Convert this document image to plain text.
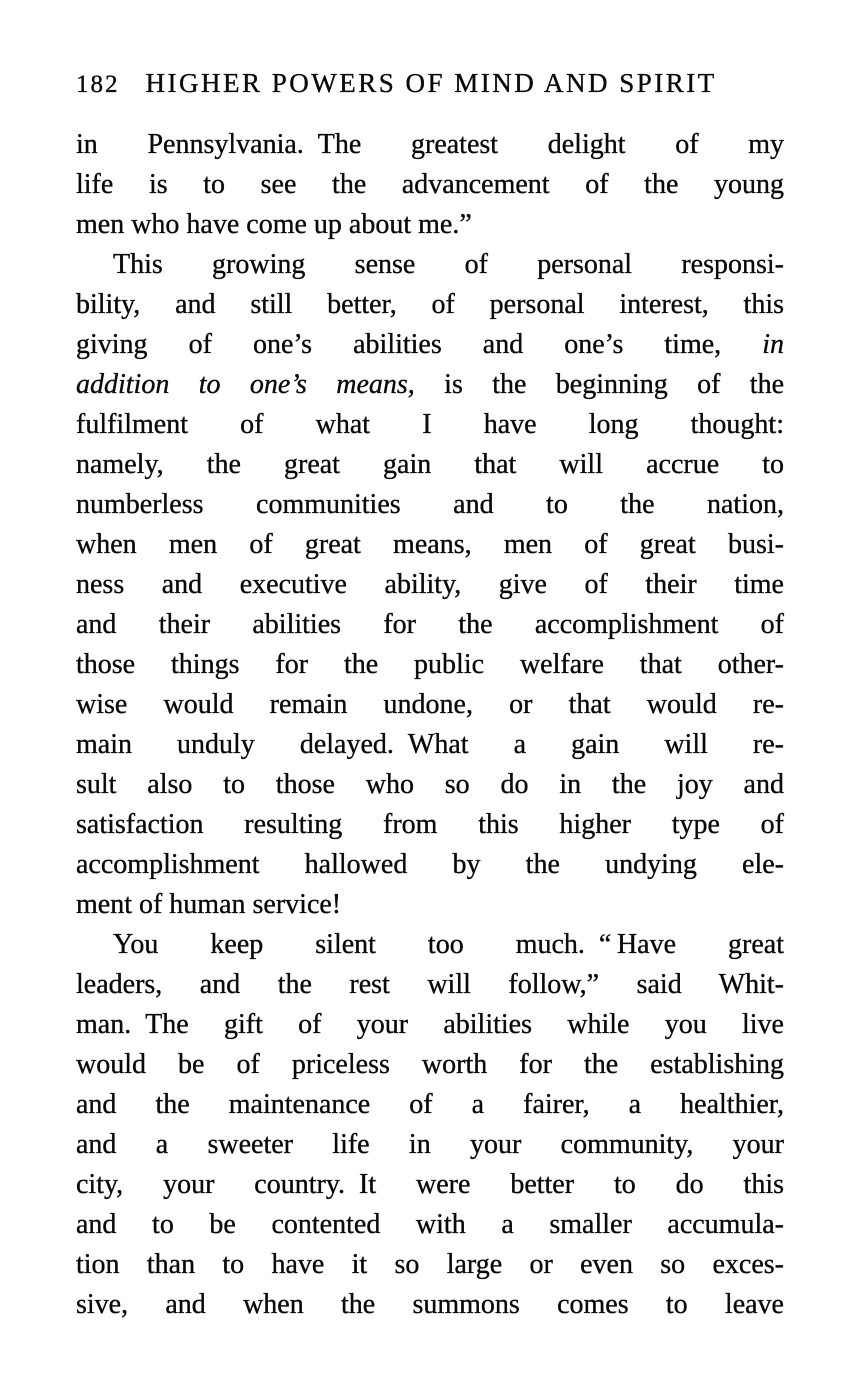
182 HIGHER POWERS OF MIND AND SPIRIT
in Pennsylvania. The greatest delight of my
life is to see the advancement of the young
men who have come up about me.”
This growing sense of personal responsi-
bility, and still better, of personal interest, this
giving of one’s abilities and one’s time, in
addition to one’s means, is the beginning of the
fulfilment of what I have long thought:
namely, the great gain that will accrue to
numberless communities and to the nation,
when men of great means, men of great busi-
ness and executive ability, give of their time
and their abilities for the accomplishment of
those things for the public welfare that other-
wise would remain undone, or that would re-
main unduly delayed. What a gain will re-
sult also to those who so do in the joy and
satisfaction resulting from this higher type of
accomplishment hallowed by the undying ele-
ment of human service!
You keep silent too much. “ Have great
leaders, and the rest will follow,” said Whit-
man. The gift of your abilities while you live
would be of priceless worth for the establishing
and the maintenance of a fairer, a healthier,
and a sweeter life in your community, your
city, your country. It were better to do this
and to be contented with a smaller accumula-
tion than to have it so large or even so exces-
sive, and when the summons comes to leave
